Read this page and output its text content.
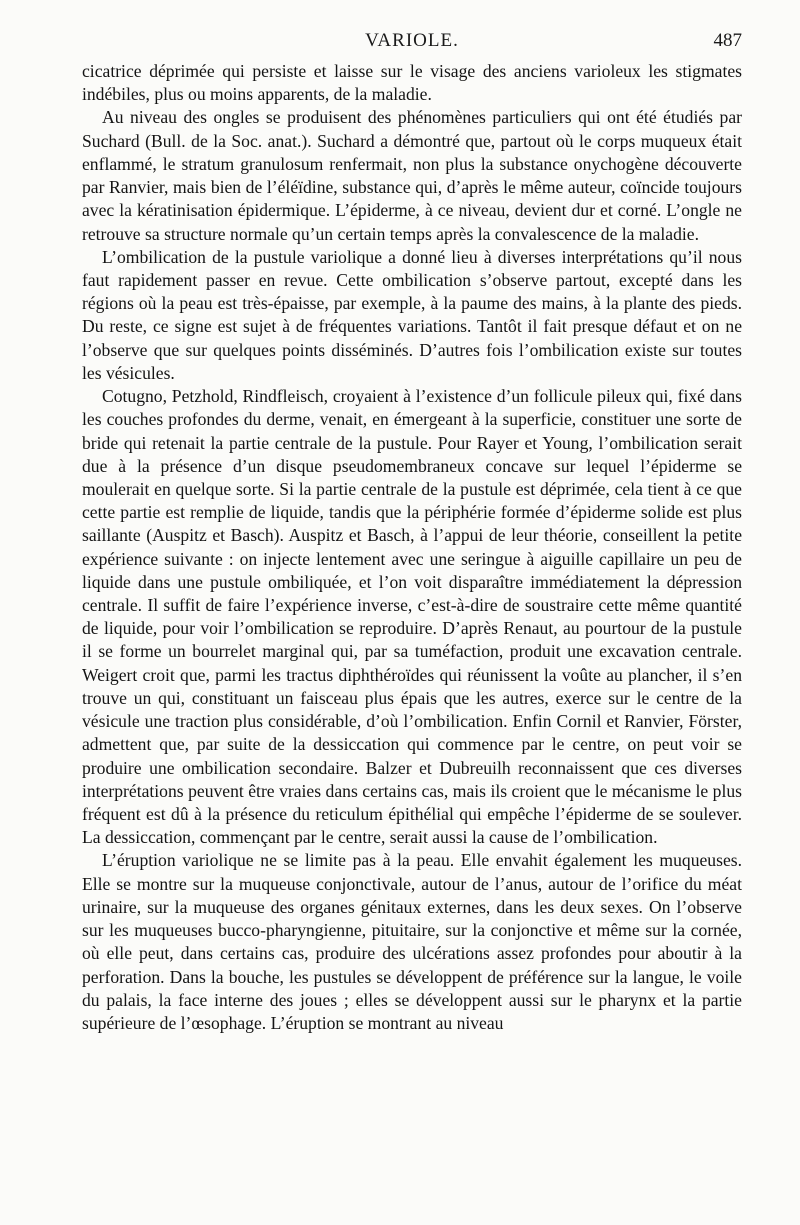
VARIOLE.	487

cicatrice déprimée qui persiste et laisse sur le visage des anciens varioleux les stigmates indébiles, plus ou moins apparents, de la maladie.

Au niveau des ongles se produisent des phénomènes particuliers qui ont été étudiés par Suchard (Bull. de la Soc. anat.). Suchard a démontré que, partout où le corps muqueux était enflammé, le stratum granulosum renfermait, non plus la substance onychogène découverte par Ranvier, mais bien de l’éléïdine, substance qui, d’après le même auteur, coïncide toujours avec la kératinisation épidermique. L’épiderme, à ce niveau, devient dur et corné. L’ongle ne retrouve sa structure normale qu’un certain temps après la convalescence de la maladie.

L’ombilication de la pustule variolique a donné lieu à diverses interprétations qu’il nous faut rapidement passer en revue. Cette ombilication s’observe partout, excepté dans les régions où la peau est très-épaisse, par exemple, à la paume des mains, à la plante des pieds. Du reste, ce signe est sujet à de fréquentes variations. Tantôt il fait presque défaut et on ne l’observe que sur quelques points disséminés. D’autres fois l’ombilication existe sur toutes les vésicules.

Cotugno, Petzhold, Rindfleisch, croyaient à l’existence d’un follicule pileux qui, fixé dans les couches profondes du derme, venait, en émergeant à la superficie, constituer une sorte de bride qui retenait la partie centrale de la pustule. Pour Rayer et Young, l’ombilication serait due à la présence d’un disque pseudomembraneux concave sur lequel l’épiderme se moulerait en quelque sorte. Si la partie centrale de la pustule est déprimée, cela tient à ce que cette partie est remplie de liquide, tandis que la périphérie formée d’épiderme solide est plus saillante (Auspitz et Basch). Auspitz et Basch, à l’appui de leur théorie, conseillent la petite expérience suivante : on injecte lentement avec une seringue à aiguille capillaire un peu de liquide dans une pustule ombiliquée, et l’on voit disparaître immédiatement la dépression centrale. Il suffit de faire l’expérience inverse, c’est-à-dire de soustraire cette même quantité de liquide, pour voir l’ombilication se reproduire. D’après Renaut, au pourtour de la pustule il se forme un bourrelet marginal qui, par sa tuméfaction, produit une excavation centrale. Weigert croit que, parmi les tractus diphthéroïdes qui réunissent la voûte au plancher, il s’en trouve un qui, constituant un faisceau plus épais que les autres, exerce sur le centre de la vésicule une traction plus considérable, d’où l’ombilication. Enfin Cornil et Ranvier, Förster, admettent que, par suite de la dessiccation qui commence par le centre, on peut voir se produire une ombilication secondaire. Balzer et Dubreuilh reconnaissent que ces diverses interprétations peuvent être vraies dans certains cas, mais ils croient que le mécanisme le plus fréquent est dû à la présence du reticulum épithélial qui empêche l’épiderme de se soulever. La dessiccation, commençant par le centre, serait aussi la cause de l’ombilication.

L’éruption variolique ne se limite pas à la peau. Elle envahit également les muqueuses. Elle se montre sur la muqueuse conjonctivale, autour de l’anus, autour de l’orifice du méat urinaire, sur la muqueuse des organes génitaux externes, dans les deux sexes. On l’observe sur les muqueuses bucco-pharyngienne, pituitaire, sur la conjonctive et même sur la cornée, où elle peut, dans certains cas, produire des ulcérations assez profondes pour aboutir à la perforation. Dans la bouche, les pustules se développent de préférence sur la langue, le voile du palais, la face interne des joues ; elles se développent aussi sur le pharynx et la partie supérieure de l’œsophage. L’éruption se montrant au niveau
